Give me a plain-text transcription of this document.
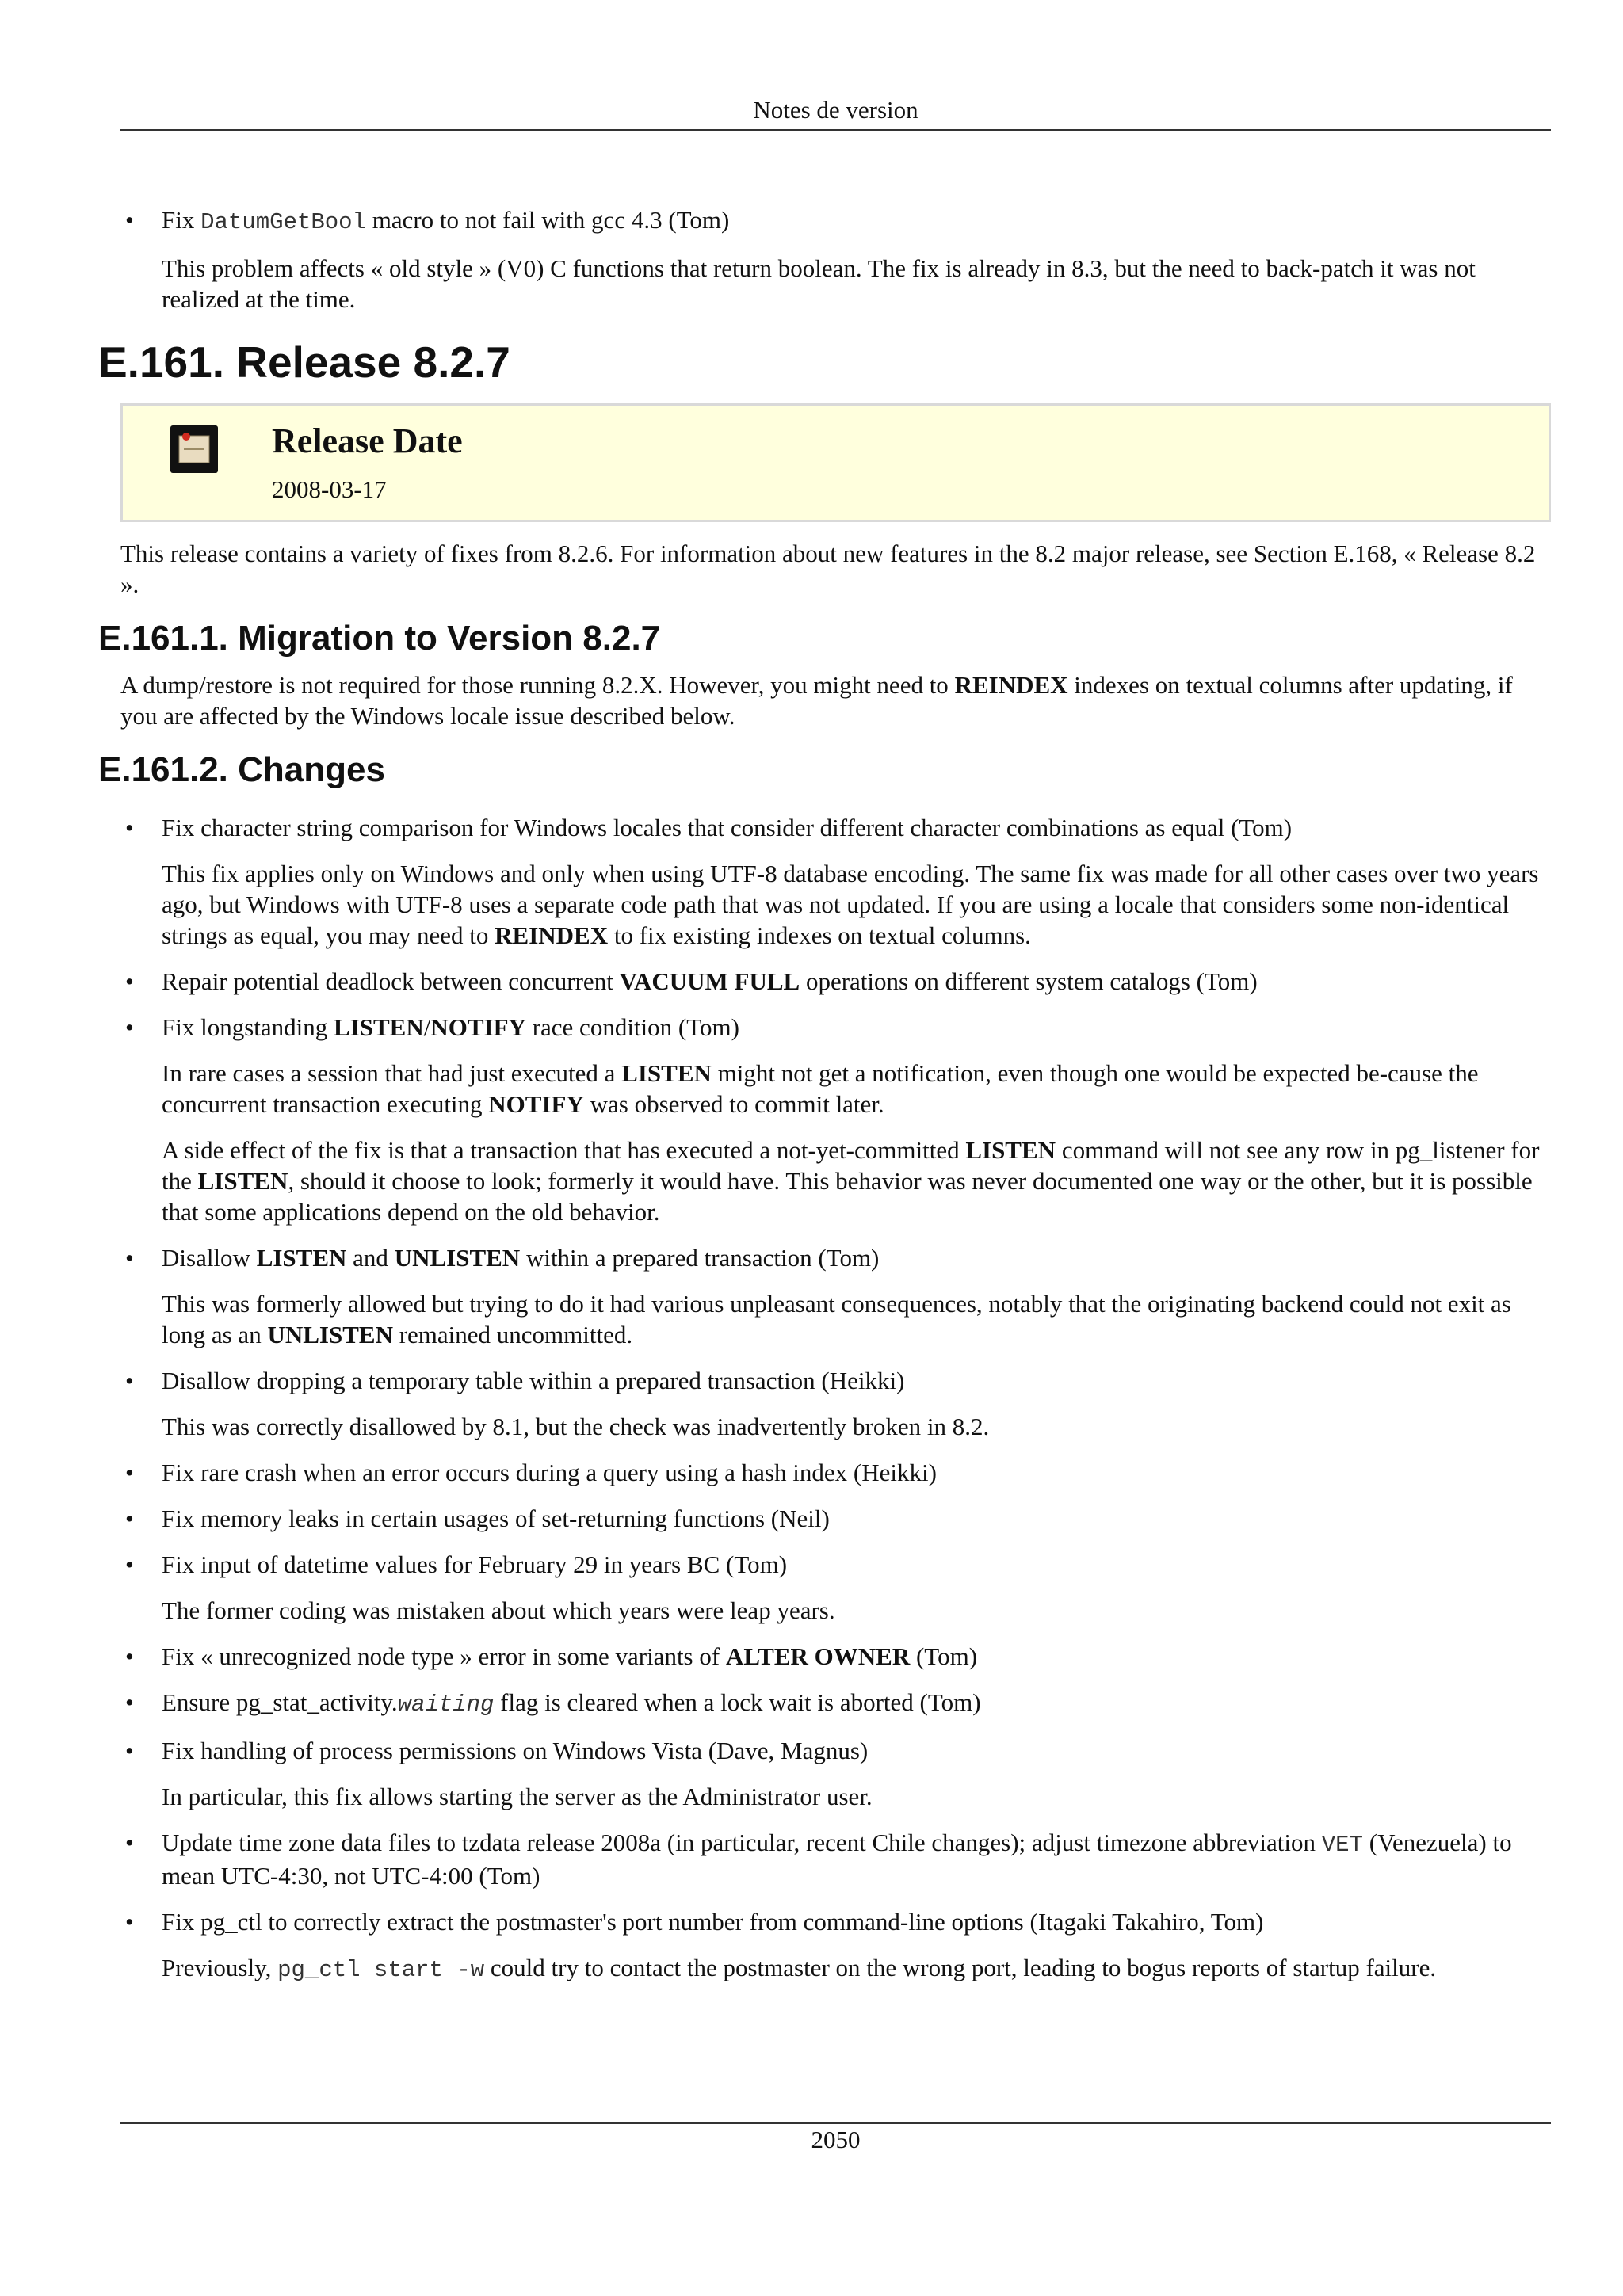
Notes de version
• Fix DatumGetBool macro to not fail with gcc 4.3 (Tom)
This problem affects « old style » (V0) C functions that return boolean. The fix is already in 8.3, but the need to back-patch it was not realized at the time.
E.161. Release 8.2.7
Release Date
2008-03-17

This release contains a variety of fixes from 8.2.6. For information about new features in the 8.2 major release, see Section E.168, « Release 8.2 ».

E.161.1. Migration to Version 8.2.7

A dump/restore is not required for those running 8.2.X. However, you might need to REINDEX indexes on textual columns after updating, if you are affected by the Windows locale issue described below.

E.161.2. Changes
• Fix character string comparison for Windows locales that consider different character combinations as equal (Tom)
This fix applies only on Windows and only when using UTF-8 database encoding. The same fix was made for all other cases over two years ago, but Windows with UTF-8 uses a separate code path that was not updated. If you are using a locale that considers some non-identical strings as equal, you may need to REINDEX to fix existing indexes on textual columns.
• Repair potential deadlock between concurrent VACUUM FULL operations on different system catalogs (Tom)
• Fix longstanding LISTEN/NOTIFY race condition (Tom)
In rare cases a session that had just executed a LISTEN might not get a notification, even though one would be expected be-cause the concurrent transaction executing NOTIFY was observed to commit later.
A side effect of the fix is that a transaction that has executed a not-yet-committed LISTEN command will not see any row in pg_listener for the LISTEN, should it choose to look; formerly it would have. This behavior was never documented one way or the other, but it is possible that some applications depend on the old behavior.
• Disallow LISTEN and UNLISTEN within a prepared transaction (Tom)
This was formerly allowed but trying to do it had various unpleasant consequences, notably that the originating backend could not exit as long as an UNLISTEN remained uncommitted.
• Disallow dropping a temporary table within a prepared transaction (Heikki)
This was correctly disallowed by 8.1, but the check was inadvertently broken in 8.2.
• Fix rare crash when an error occurs during a query using a hash index (Heikki)
• Fix memory leaks in certain usages of set-returning functions (Neil)
• Fix input of datetime values for February 29 in years BC (Tom)
The former coding was mistaken about which years were leap years.
• Fix « unrecognized node type » error in some variants of ALTER OWNER (Tom)
• Ensure pg_stat_activity.waiting flag is cleared when a lock wait is aborted (Tom)
• Fix handling of process permissions on Windows Vista (Dave, Magnus)
In particular, this fix allows starting the server as the Administrator user.
• Update time zone data files to tzdata release 2008a (in particular, recent Chile changes); adjust timezone abbreviation VET (Venezuela) to mean UTC-4:30, not UTC-4:00 (Tom)
• Fix pg_ctl to correctly extract the postmaster's port number from command-line options (Itagaki Takahiro, Tom)
Previously, pg_ctl start -w could try to contact the postmaster on the wrong port, leading to bogus reports of startup failure.
2050
